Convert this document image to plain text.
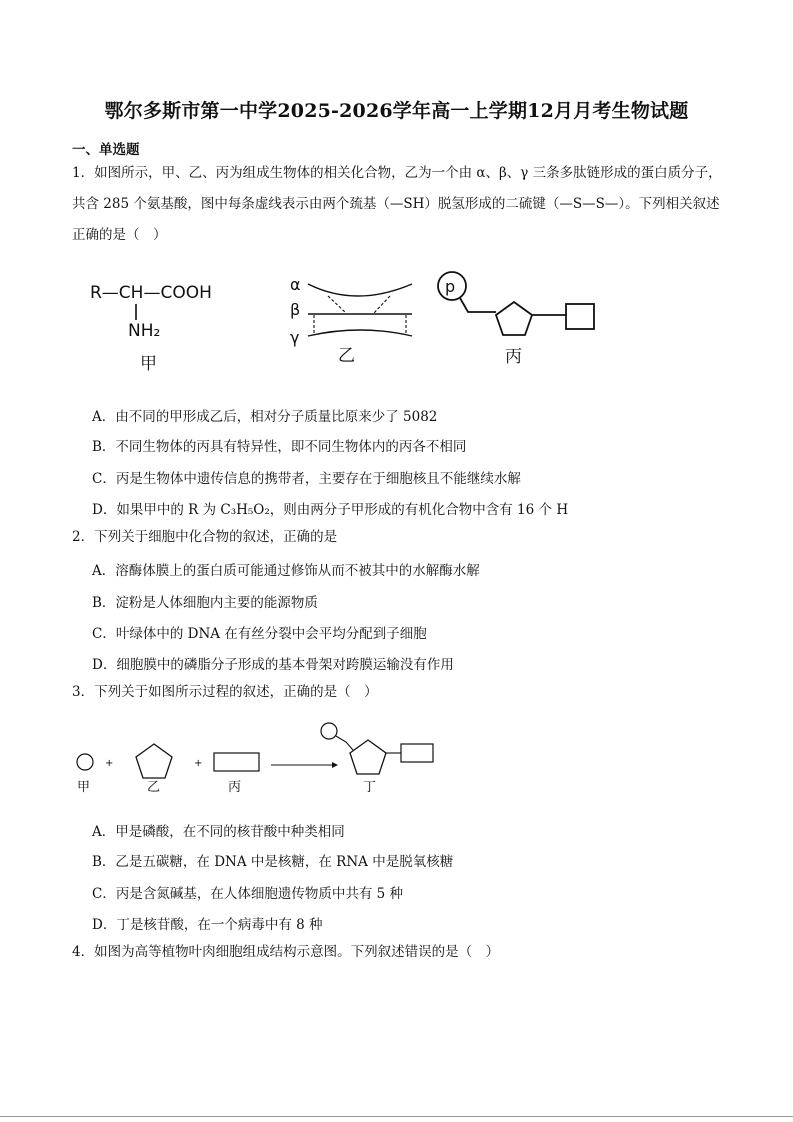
鄂尔多斯市第一中学2025-2026学年高一上学期12月月考生物试题
一、单选题
1．如图所示，甲、乙、丙为组成生物体的相关化合物，乙为一个由 α、β、γ 三条多肽链形成的蛋白质分子，共含 285 个氨基酸，图中每条虚线表示由两个巯基（—SH）脱氢形成的二硫键（—S—S—）。下列相关叙述正确的是（　）
R—CH—COOH
NH₂
甲
α
β
γ
乙
p
丙
A．由不同的甲形成乙后，相对分子质量比原来少了 5082
B．不同生物体的丙具有特异性，即不同生物体内的丙各不相同
C．丙是生物体中遗传信息的携带者，主要存在于细胞核且不能继续水解
D．如果甲中的 R 为 C₃H₅O₂，则由两分子甲形成的有机化合物中含有 16 个 H
2．下列关于细胞中化合物的叙述，正确的是
A．溶酶体膜上的蛋白质可能通过修饰从而不被其中的水解酶水解
B．淀粉是人体细胞内主要的能源物质
C．叶绿体中的 DNA 在有丝分裂中会平均分配到子细胞
D．细胞膜中的磷脂分子形成的基本骨架对跨膜运输没有作用
3．下列关于如图所示过程的叙述，正确的是（　）
甲
+
乙
+
丙	丁
A．甲是磷酸，在不同的核苷酸中种类相同
B．乙是五碳糖，在 DNA 中是核糖，在 RNA 中是脱氧核糖
C．丙是含氮碱基，在人体细胞遗传物质中共有 5 种
D．丁是核苷酸，在一个病毒中有 8 种
4．如图为高等植物叶肉细胞组成结构示意图。下列叙述错误的是（　）
